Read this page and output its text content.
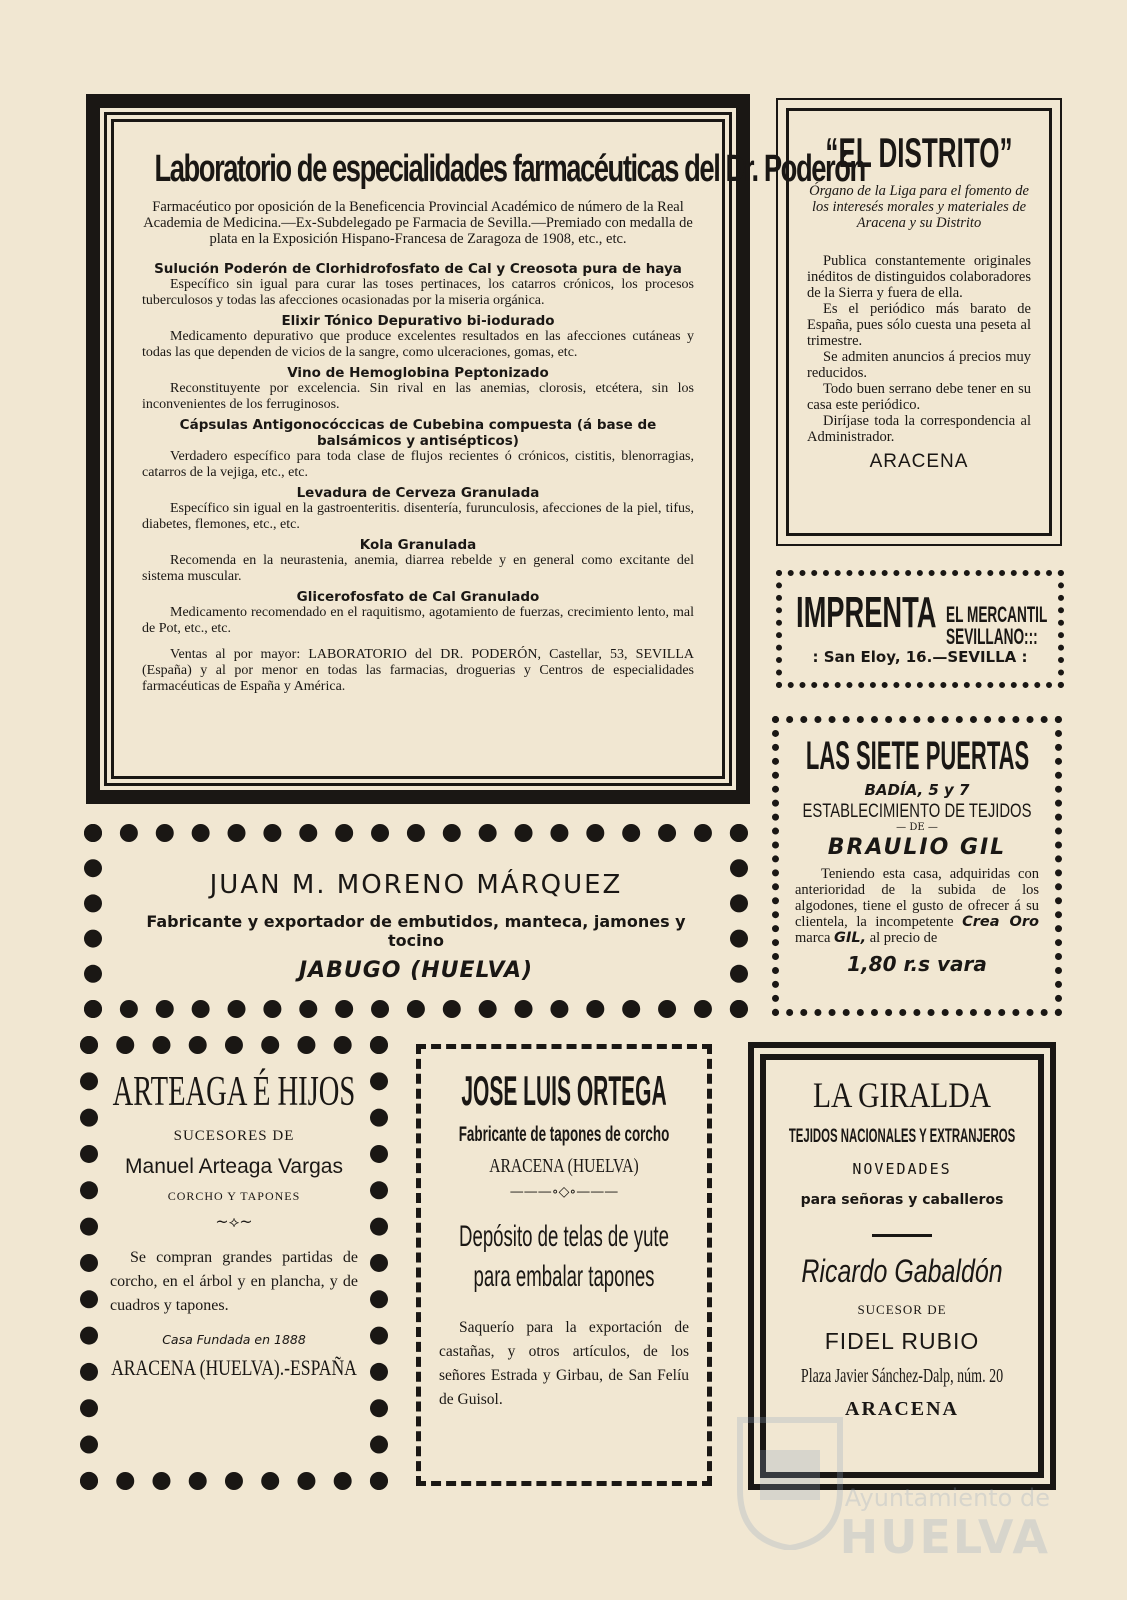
Laboratorio de especialidades farmacéuticas del Dr. Poderón

Farmacéutico por oposición de la Beneficencia Provincial Académico de número de la Real Academia de Medicina.—Ex-Subdelegado pe Farmacia de Sevilla.—Premiado con medalla de plata en la Exposición Hispano-Francesa de Zaragoza de 1908, etc., etc.

Sulución Poderón de Clorhidrofosfato de Cal y Creosota pura de haya

Específico sin igual para curar las toses pertinaces, los catarros crónicos, los procesos tuberculosos y todas las afecciones ocasionadas por la miseria orgánica.

Elixir Tónico Depurativo bi-iodurado

Medicamento depurativo que produce excelentes resultados en las afecciones cutáneas y todas las que dependen de vicios de la sangre, como ulceraciones, gomas, etc.

Vino de Hemoglobina Peptonizado

Reconstituyente por excelencia. Sin rival en las anemias, clorosis, etcétera, sin los inconvenientes de los ferruginosos.

Cápsulas Antigonocóccicas de Cubebina compuesta (á base de balsámicos y antisépticos)

Verdadero específico para toda clase de flujos recientes ó crónicos, cistitis, blenorragias, catarros de la vejiga, etc., etc.

Levadura de Cerveza Granulada

Específico sin igual en la gastroenteritis. disentería, furunculosis, afecciones de la piel, tifus, diabetes, flemones, etc., etc.

Kola Granulada

Recomenda en la neurastenia, anemia, diarrea rebelde y en general como excitante del sistema muscular.

Glicerofosfato de Cal Granulado

Medicamento recomendado en el raquitismo, agotamiento de fuerzas, crecimiento lento, mal de Pot, etc., etc.

Ventas al por mayor: LABORATORIO del DR. PODERÓN, Castellar, 53, SEVILLA (España) y al por menor en todas las farmacias, droguerias y Centros de especialidades farmacéuticas de España y América.

“EL DISTRITO”

Órgano de la Liga para el fomento de los interesés morales y materiales de Aracena y su Distrito

Publica constantemente originales inéditos de distinguidos colaboradores de la Sierra y fuera de ella.

Es el periódico más barato de España, pues sólo cuesta una peseta al trimestre.

Se admiten anuncios á precios muy reducidos.

Todo buen serrano debe tener en su casa este periódico.

Diríjase toda la correspondencia al Administrador.

ARACENA
IMPRENTA EL MERCANTIL
SEVILLANO:::
: San Eloy, 16.—SEVILLA :
LAS SIETE PUERTAS
BADÍA, 5 y 7
ESTABLECIMIENTO DE TEJIDOS
— DE —
BRAULIO GIL

Teniendo esta casa, adquiridas con anterioridad de la subida de los algodones, tiene el gusto de ofrecer á su clientela, la incompetente Crea Oro marca GIL, al precio de

1,80 r.s vara
JUAN M. MORENO MÁRQUEZ
Fabricante y exportador de embutidos, manteca, jamones y tocino
JABUGO (HUELVA)
ARTEAGA É HIJOS
SUCESORES DE
Manuel Arteaga Vargas
CORCHO Y TAPONES
~⟡~

Se compran grandes partidas de corcho, en el árbol y en plancha, y de cuadros y tapones.

Casa Fundada en 1888
ARACENA (HUELVA).-ESPAÑA
JOSE LUIS ORTEGA
Fabricante de tapones de corcho
ARACENA (HUELVA)
———∘◇∘———
Depósito de telas de yute
para embalar tapones

Saquerío para la exportación de castañas, y otros artículos, de los señores Estrada y Girbau, de San Felíu de Guisol.

LA GIRALDA
TEJIDOS NACIONALES Y EXTRANJEROS
NOVEDADES
para señoras y caballeros
Ricardo Gabaldón
SUCESOR DE
FIDEL RUBIO
Plaza Javier Sánchez-Dalp, núm. 20
ARACENA
Ayuntamiento de
HUELVA
